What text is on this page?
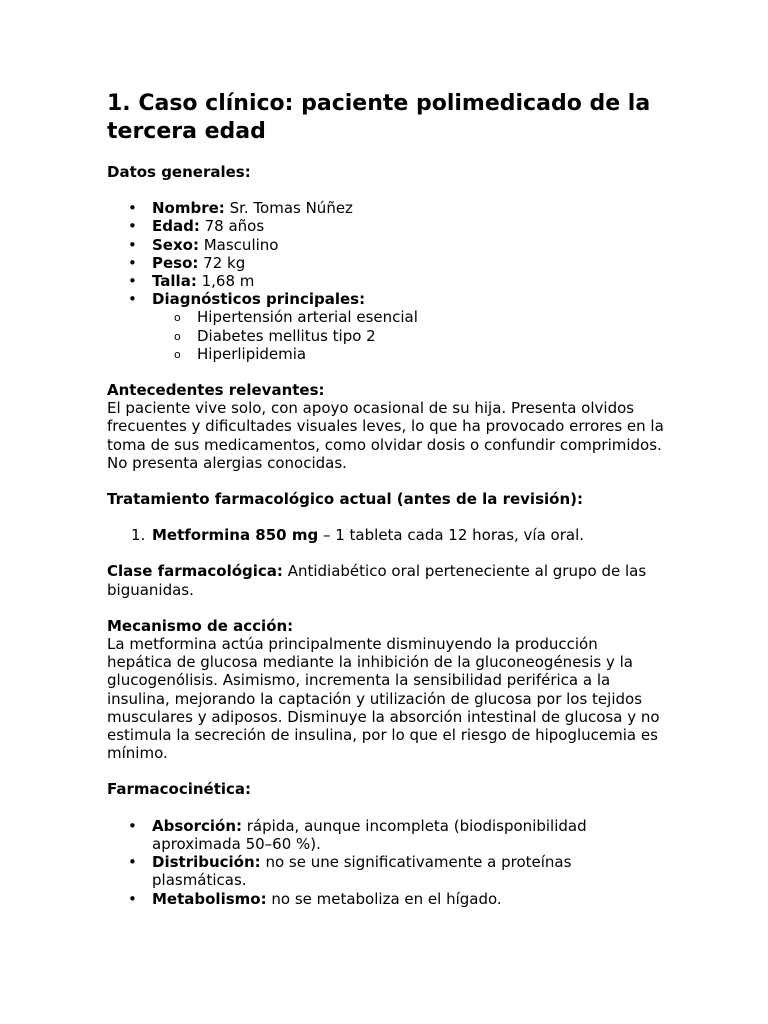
1. Caso clínico: paciente polimedicado de la tercera edad

Datos generales:

• Nombre: Sr. Tomas Núñez
• Edad: 78 años
• Sexo: Masculino
• Peso: 72 kg
• Talla: 1,68 m
• Diagnósticos principales:
o Hipertensión arterial esencial
o Diabetes mellitus tipo 2
o Hiperlipidemia

Antecedentes relevantes:

El paciente vive solo, con apoyo ocasional de su hija. Presenta olvidos frecuentes y dificultades visuales leves, lo que ha provocado errores en la toma de sus medicamentos, como olvidar dosis o confundir comprimidos. No presenta alergias conocidas.

Tratamiento farmacológico actual (antes de la revisión):

1. Metformina 850 mg – 1 tableta cada 12 horas, vía oral.

Clase farmacológica: Antidiabético oral perteneciente al grupo de las biguanidas.

Mecanismo de acción:

La metformina actúa principalmente disminuyendo la producción hepática de glucosa mediante la inhibición de la gluconeogénesis y la glucogenólisis. Asimismo, incrementa la sensibilidad periférica a la insulina, mejorando la captación y utilización de glucosa por los tejidos musculares y adiposos. Disminuye la absorción intestinal de glucosa y no estimula la secreción de insulina, por lo que el riesgo de hipoglucemia es mínimo.

Farmacocinética:

• Absorción: rápida, aunque incompleta (biodisponibilidad aproximada 50–60 %).
• Distribución: no se une significativamente a proteínas plasmáticas.
• Metabolismo: no se metaboliza en el hígado.
